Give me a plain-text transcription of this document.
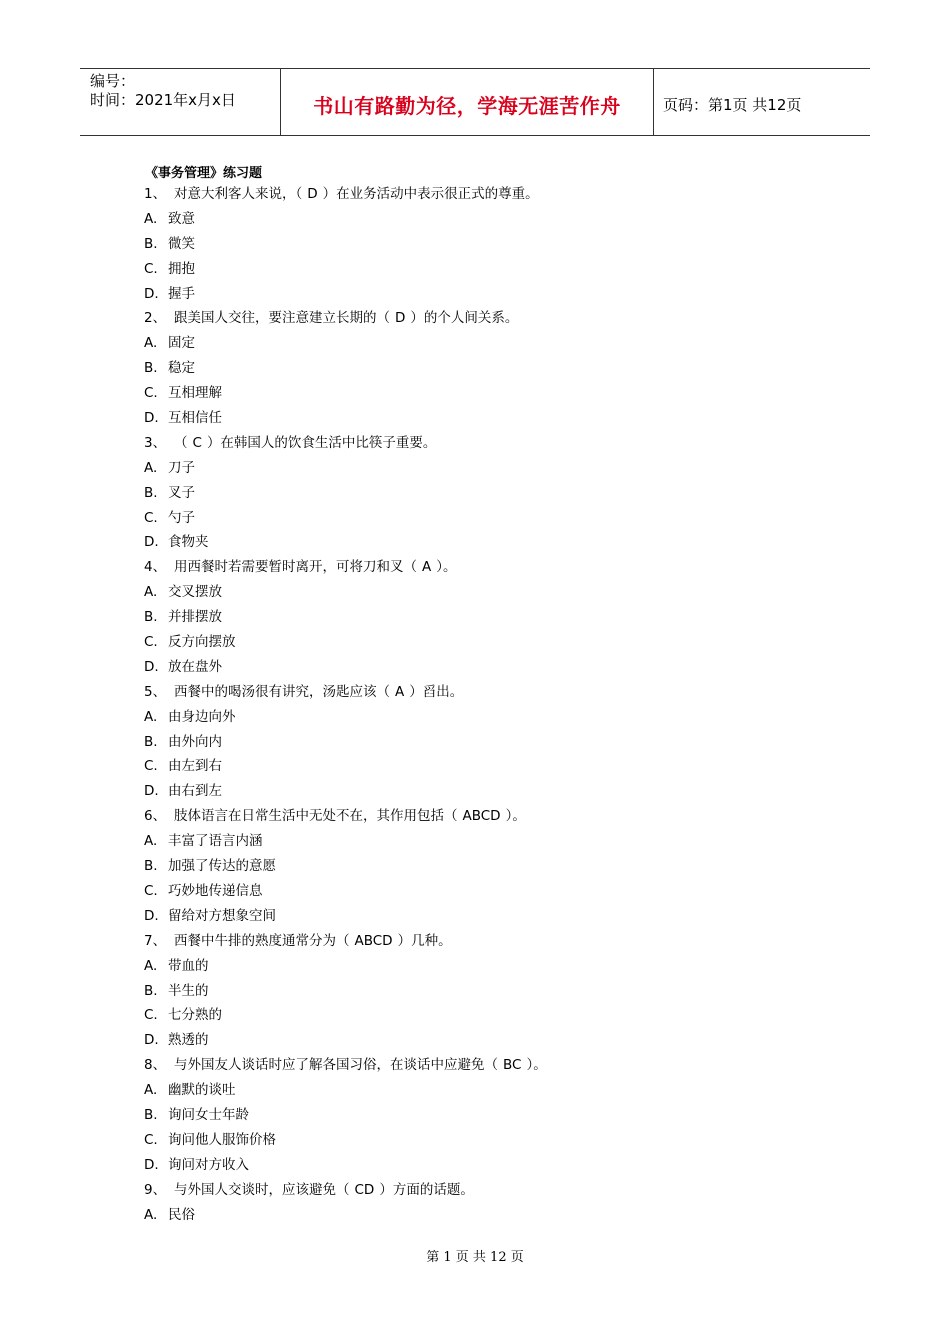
编号：
时间：2021年x月x日	书山有路勤为径，学海无涯苦作舟	页码：第1页 共12页
《事务管理》练习题
1、 对意大利客人来说，（ D ）在业务活动中表示很正式的尊重。
A. 致意
B. 微笑
C. 拥抱
D. 握手
2、 跟美国人交往，要注意建立长期的（ D ）的个人间关系。
A. 固定
B. 稳定
C. 互相理解
D. 互相信任
3、 （ C ）在韩国人的饮食生活中比筷子重要。
A. 刀子
B. 叉子
C. 勺子
D. 食物夹
4、 用西餐时若需要暂时离开，可将刀和叉（ A ）。
A. 交叉摆放
B. 并排摆放
C. 反方向摆放
D. 放在盘外
5、 西餐中的喝汤很有讲究，汤匙应该（ A ）舀出。
A. 由身边向外
B. 由外向内
C. 由左到右
D. 由右到左
6、 肢体语言在日常生活中无处不在，其作用包括（ ABCD ）。
A. 丰富了语言内涵
B. 加强了传达的意愿
C. 巧妙地传递信息
D. 留给对方想象空间
7、 西餐中牛排的熟度通常分为（ ABCD ）几种。
A. 带血的
B. 半生的
C. 七分熟的
D. 熟透的
8、 与外国友人谈话时应了解各国习俗，在谈话中应避免（ BC ）。
A. 幽默的谈吐
B. 询问女士年龄
C. 询问他人服饰价格
D. 询问对方收入
9、 与外国人交谈时，应该避免（ CD ）方面的话题。
A. 民俗
第 1 页 共 12 页
